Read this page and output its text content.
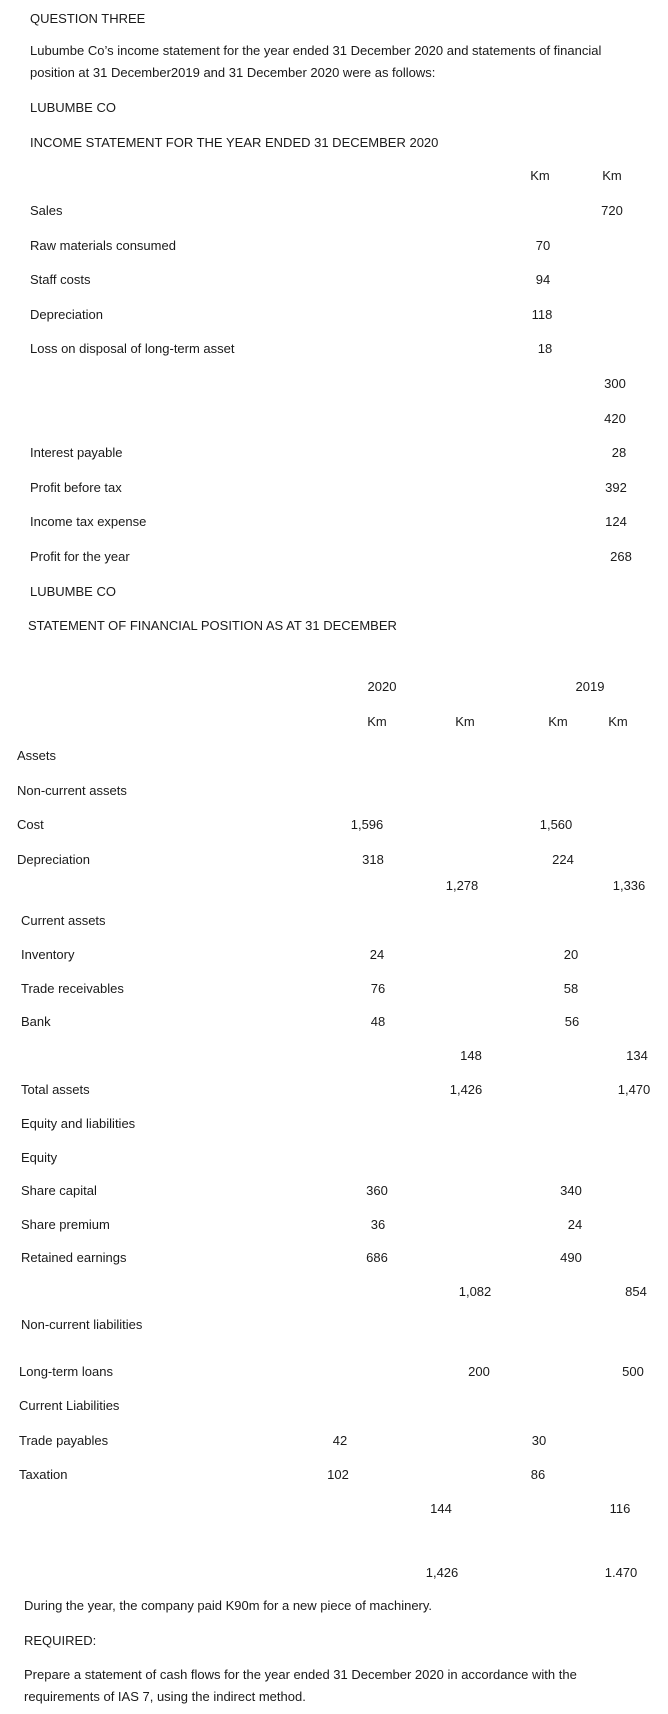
QUESTION THREE
Lubumbe Co’s income statement for the year ended 31 December 2020 and statements of financial position at 31 December2019 and 31 December 2020 were as follows:
LUBUMBE CO
INCOME STATEMENT FOR THE YEAR ENDED 31 DECEMBER 2020
Km	Km
Sales	720
Raw materials consumed	70
Staff costs	94
Depreciation	118
Loss on disposal of long-term asset	18
300
420
Interest payable	28
Profit before tax	392
Income tax expense	124
Profit for the year	268
LUBUMBE CO
STATEMENT OF FINANCIAL POSITION AS AT 31 DECEMBER
2020	2019
Km	Km	Km	Km
Assets
Non-current assets
Cost	1,596	1,560
Depreciation	318	224
1,278	1,336
Current assets
Inventory	24	20
Trade receivables	76	58
Bank	48	56
148	134
Total assets	1,426	1,470
Equity and liabilities
Equity
Share capital	360	340
Share premium	36	24
Retained earnings	686	490
1,082	854
Non-current liabilities
Long-term loans	200	500
Current Liabilities
Trade payables	42	30
Taxation	102	86
144	116
1,426	1.470
During the year, the company paid K90m for a new piece of machinery.
REQUIRED:
Prepare a statement of cash flows for the year ended 31 December 2020 in accordance with the requirements of IAS 7, using the indirect method.
